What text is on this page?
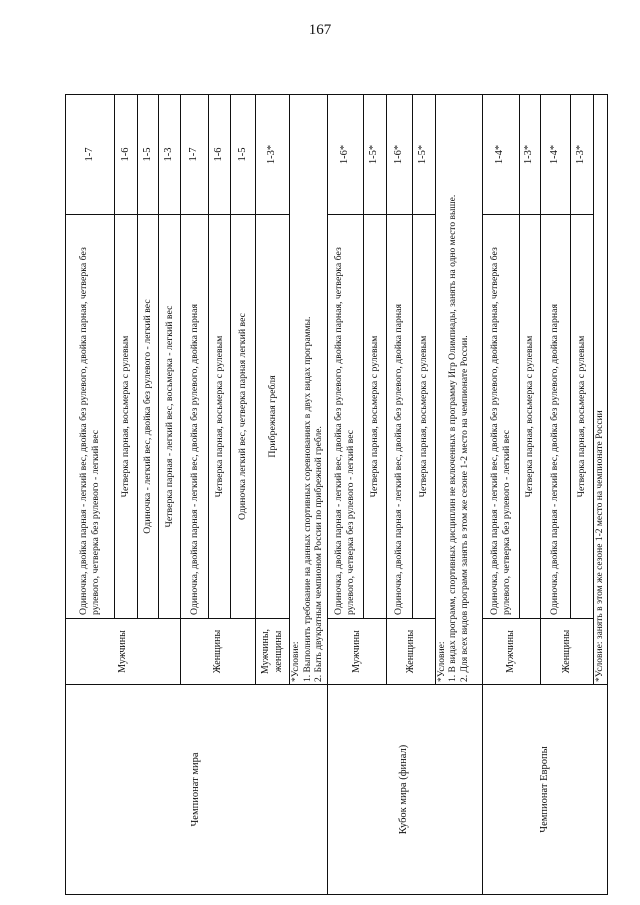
167
Чемпионат мира	Мужчины	Одиночка, двойка парная - легкий вес, двойка без рулевого, двойка парная, четверка без рулевого, четверка без рулевого - легкий вес	1-7
		Четверка парная, восьмерка с рулевым	1-6
		Одиночка - легкий вес, двойка без рулевого - легкий вес	1-5
		Четверка парная - легкий вес, восьмерка - легкий вес	1-3
	Женщины	Одиночка, двойка парная - легкий вес, двойка без рулевого, двойка парная	1-7
		Четверка парная, восьмерка с рулевым	1-6
		Одиночка легкий вес, четверка парная легкий вес	1-5
	Мужчины, женщины	Прибрежная гребля	1-3*

	*Условие: 1. Выполнить требование на данных спортивных соревнованиях в двух видах программы. 2. Быть двукратным чемпионом России по прибрежной гребле.		

Кубок мира (финал)	Мужчины	Одиночка, двойка парная - легкий вес, двойка без рулевого, двойка парная, четверка без рулевого, четверка без рулевого - легкий вес	1-6*
		Четверка парная, восьмерка с рулевым	1-5*
	Женщины	Одиночка, двойка парная - легкий вес, двойка без рулевого, двойка парная	1-6*
		Четверка парная, восьмерка с рулевым	1-5*

	*Условие: 1. В видах программ, спортивных дисциплин не включенных в программу Игр Олимпиады, занять на одно место выше. 2. Для всех видов программ занять в этом же сезоне 1-2 место на чемпионате России.		

Чемпионат Европы	Мужчины	Одиночка, двойка парная - легкий вес, двойка без рулевого, двойка парная, четверка без рулевого, четверка без рулевого - легкий вес	1-4*
		Четверка парная, восьмерка с рулевым	1-3*
	Женщины	Одиночка, двойка парная - легкий вес, двойка без рулевого, двойка парная	1-4*
		Четверка парная, восьмерка с рулевым	1-3*

	*Условие: занять в этом же сезоне 1-2 место на чемпионате России		
